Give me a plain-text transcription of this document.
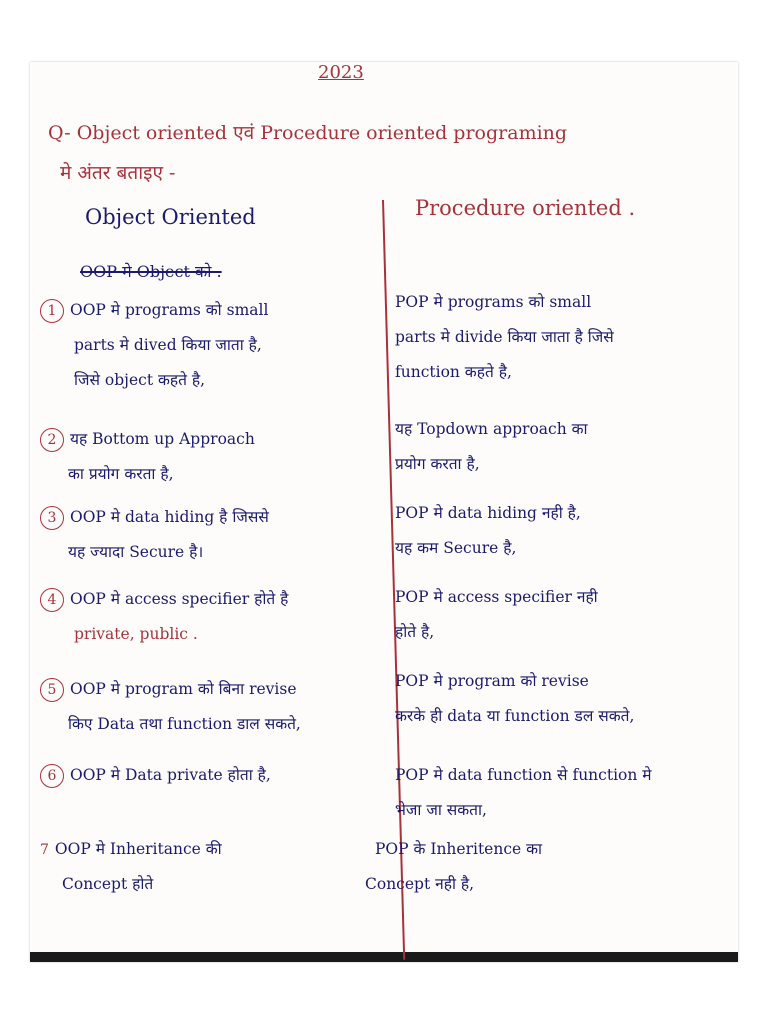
2023
Q- Object oriented एवं Procedure oriented programing
मे अंतर बताइए -
Object Oriented	Procedure oriented .
OOP मे Object को .
1 OOP मे programs को small
parts मे dived किया जाता है,
जिसे object कहते है,
2 यह Bottom up Approach
का प्रयोग करता है,
3 OOP मे data hiding है जिससे
यह ज्यादा Secure है।
4 OOP मे access specifier होते है
private, public .
5 OOP मे program को बिना revise
किए Data तथा function डाल सकते,
6 OOP मे Data private होता है,
7 OOP मे Inheritance की
Concept होते
POP मे programs को small
parts मे divide किया जाता है जिसे
function कहते है,
यह Topdown approach का
प्रयोग करता है,
POP मे data hiding नही है,
यह कम Secure है,
POP मे access specifier नही
होते है,
POP मे program को revise
करके ही data या function डल सकते,
POP मे data function से function मे
भेजा जा सकता,
POP के Inheritence का
Concept नही है,
